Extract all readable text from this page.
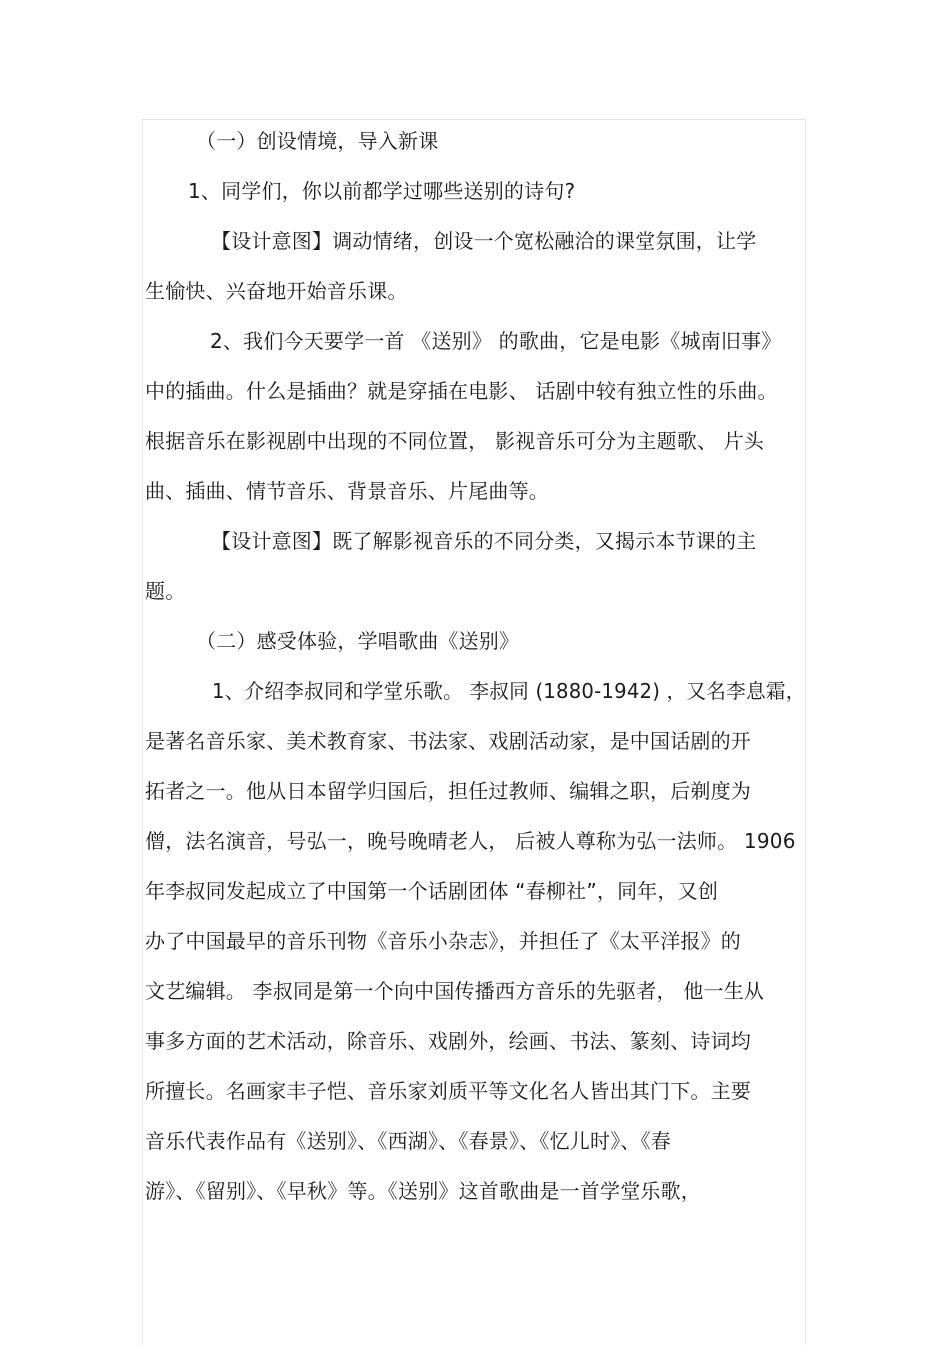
（一）创设情境，导入新课
1、同学们，你以前都学过哪些送别的诗句?
【设计意图】调动情绪，创设一个宽松融洽的课堂氛围，让学
生愉快、兴奋地开始音乐课。
2、我们今天要学一首 《送别》 的歌曲，它是电影《城南旧事》
中的插曲。什么是插曲？就是穿插在电影、 话剧中较有独立性的乐曲。
根据音乐在影视剧中出现的不同位置， 影视音乐可分为主题歌、 片头
曲、插曲、情节音乐、背景音乐、片尾曲等。
【设计意图】既了解影视音乐的不同分类，又揭示本节课的主
题。
（二）感受体验，学唱歌曲《送别》
1、介绍李叔同和学堂乐歌。 李叔同 (1880-1942) ，又名李息霜，
是著名音乐家、美术教育家、书法家、戏剧活动家，是中国话剧的开
拓者之一。他从日本留学归国后，担任过教师、编辑之职，后剃度为
僧，法名演音，号弘一，晚号晚晴老人， 后被人尊称为弘一法师。 1906
年李叔同发起成立了中国第一个话剧团体 “春柳社”，同年，又创
办了中国最早的音乐刊物《音乐小杂志》，并担任了《太平洋报》的
文艺编辑。 李叔同是第一个向中国传播西方音乐的先驱者， 他一生从
事多方面的艺术活动，除音乐、戏剧外，绘画、书法、篆刻、诗词均
所擅长。名画家丰子恺、音乐家刘质平等文化名人皆出其门下。主要
音乐代表作品有《送别》、《西湖》、《春景》、《忆儿时》、《春
游》、《留别》、《早秋》等。《送别》这首歌曲是一首学堂乐歌，
